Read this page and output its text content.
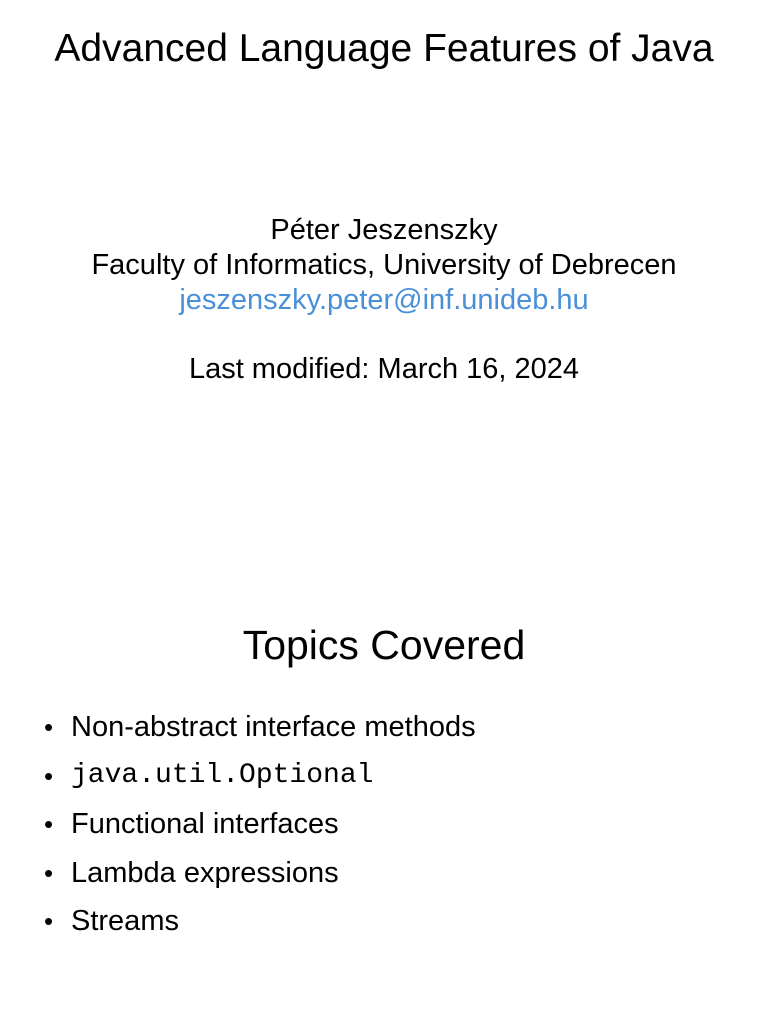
Advanced Language Features of Java
Péter Jeszenszky
Faculty of Informatics, University of Debrecen
jeszenszky.peter@inf.unideb.hu
Last modified: March 16, 2024
Topics Covered
• Non-abstract interface methods
• java.util.Optional
• Functional interfaces
• Lambda expressions
• Streams
